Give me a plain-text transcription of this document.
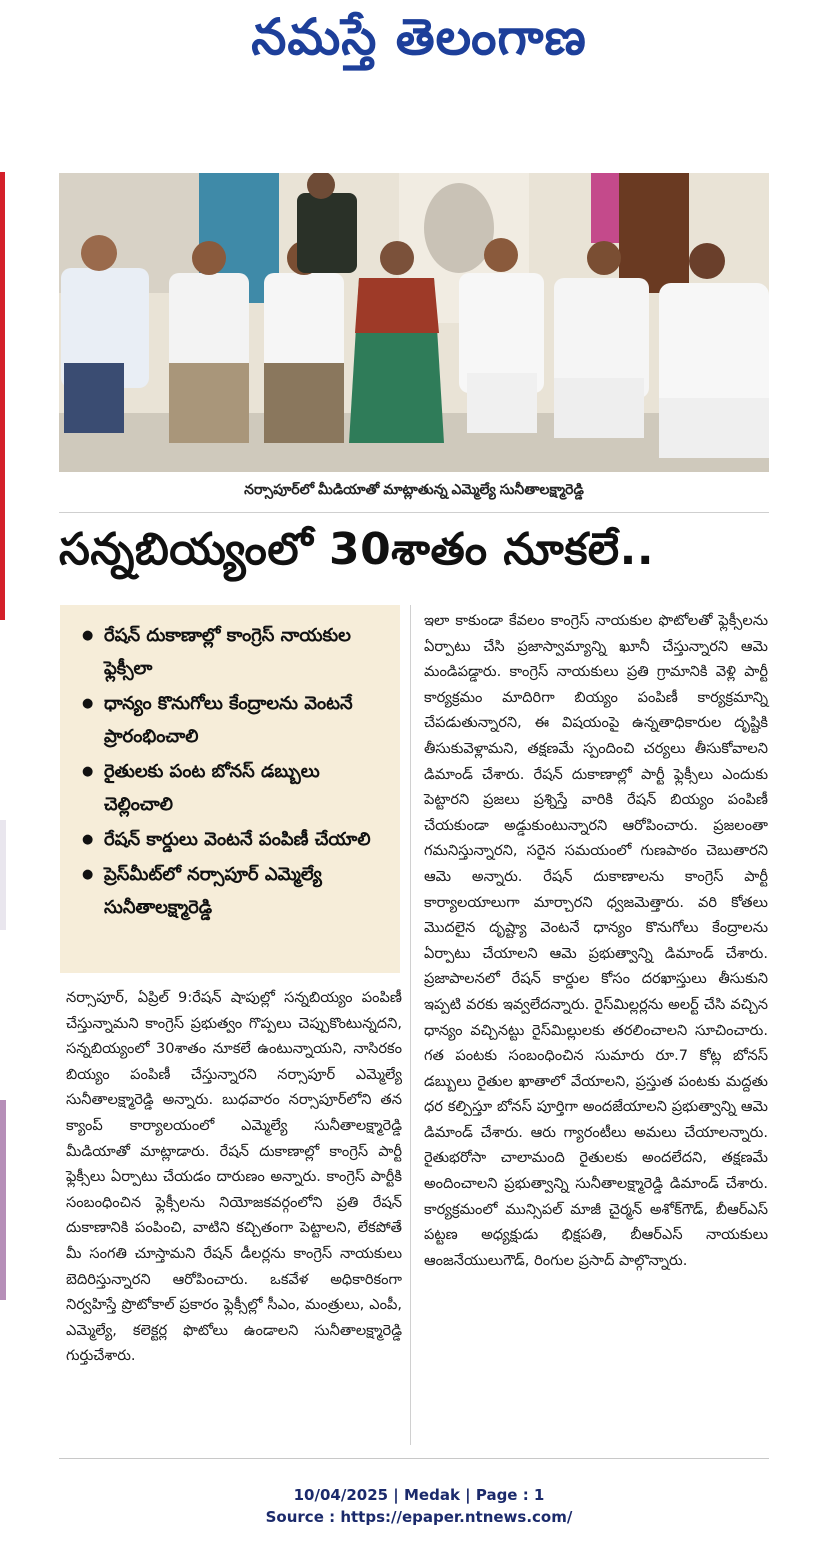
నమస్తే తెలంగాణ
నర్సాపూర్‌లో మీడియాతో మాట్లాతున్న ఎమ్మెల్యే సునీతాలక్ష్మారెడ్డి
సన్నబియ్యంలో 30శాతం నూకలే..
● రేషన్ దుకాణాల్లో కాంగ్రెస్ నాయకుల ఫ్లెక్సీలా
● ధాన్యం కొనుగోలు కేంద్రాలను వెంటనే ప్రారంభించాలి
● రైతులకు పంట బోనస్ డబ్బులు చెల్లించాలి
● రేషన్ కార్డులు వెంటనే పంపిణీ చేయాలి
● ప్రెస్‌మీట్‌లో నర్సాపూర్ ఎమ్మెల్యే సునీతాలక్ష్మారెడ్డి
నర్సాపూర్, ఏప్రిల్ 9:రేషన్ షాపుల్లో సన్నబియ్యం పంపిణీ చేస్తున్నామని కాంగ్రెస్ ప్రభుత్వం గొప్పలు చెప్పుకొంటున్నదని, సన్నబియ్యంలో 30శాతం నూకలే ఉంటున్నాయని, నాసిరకం బియ్యం పంపిణీ చేస్తున్నారని నర్సాపూర్ ఎమ్మెల్యే సునీతాలక్ష్మారెడ్డి అన్నారు. బుధవారం నర్సాపూర్‌లోని తన క్యాంప్ కార్యాలయంలో ఎమ్మెల్యే సునీతాలక్ష్మారెడ్డి మీడియాతో మాట్లాడారు. రేషన్ దుకాణాల్లో కాంగ్రెస్ పార్టీ ఫ్లెక్సీలు ఏర్పాటు చేయడం దారుణం అన్నారు. కాంగ్రెస్ పార్టీకి సంబంధించిన ఫ్లెక్సీలను నియోజకవర్గంలోని ప్రతి రేషన్ దుకాణానికి పంపించి, వాటిని కచ్చితంగా పెట్టాలని, లేకపోతే మీ సంగతి చూస్తామని రేషన్ డీలర్లను కాంగ్రెస్ నాయకులు బెదిరిస్తున్నారని ఆరోపించారు. ఒకవేళ అధికారికంగా నిర్వహిస్తే ప్రొటోకాల్ ప్రకారం ఫ్లెక్సీల్లో సీఎం, మంత్రులు, ఎంపీ, ఎమ్మెల్యే, కలెక్టర్ల ఫొటోలు ఉండాలని సునీతాలక్ష్మారెడ్డి గుర్తుచేశారు.
ఇలా కాకుండా కేవలం కాంగ్రెస్ నాయకుల ఫొటోలతో ఫ్లెక్సీలను ఏర్పాటు చేసి ప్రజాస్వామ్యాన్ని ఖూనీ చేస్తున్నారని ఆమె మండిపడ్డారు. కాంగ్రెస్ నాయకులు ప్రతి గ్రామానికి వెళ్లి పార్టీ కార్యక్రమం మాదిరిగా బియ్యం పంపిణీ కార్యక్రమాన్ని చేపడుతున్నారని, ఈ విషయంపై ఉన్నతాధికారుల దృష్టికి తీసుకువెళ్లామని, తక్షణమే స్పందించి చర్యలు తీసుకోవాలని డిమాండ్ చేశారు. రేషన్ దుకాణాల్లో పార్టీ ఫ్లెక్సీలు ఎందుకు పెట్టారని ప్రజలు ప్రశ్నిస్తే వారికి రేషన్ బియ్యం పంపిణీ చేయకుండా అడ్డుకుంటున్నారని ఆరోపించారు. ప్రజలంతా గమనిస్తున్నారని, సరైన సమయంలో గుణపాఠం చెబుతారని ఆమె అన్నారు. రేషన్ దుకాణాలను కాంగ్రెస్ పార్టీ కార్యాలయాలుగా మార్చారని ధ్వజమెత్తారు. వరి కోతలు మొదలైన దృష్ట్యా వెంటనే ధాన్యం కొనుగోలు కేంద్రాలను ఏర్పాటు చేయాలని ఆమె ప్రభుత్వాన్ని డిమాండ్ చేశారు. ప్రజాపాలనలో రేషన్ కార్డుల కోసం దరఖాస్తులు తీసుకుని ఇప్పటి వరకు ఇవ్వలేదన్నారు. రైస్‌మిల్లర్లను అలర్ట్ చేసి వచ్చిన ధాన్యం వచ్చినట్టు రైస్‌మిల్లులకు తరలించాలని సూచించారు. గత పంటకు సంబంధించిన సుమారు రూ.7 కోట్ల బోనస్ డబ్బులు రైతుల ఖాతాలో వేయాలని, ప్రస్తుత పంటకు మద్దతు ధర కల్పిస్తూ బోనస్ పూర్తిగా అందజేయాలని ప్రభుత్వాన్ని ఆమె డిమాండ్ చేశారు. ఆరు గ్యారంటీలు అమలు చేయాలన్నారు. రైతుభరోసా చాలామంది రైతులకు అందలేదని, తక్షణమే అందించాలని ప్రభుత్వాన్ని సునీతాలక్ష్మారెడ్డి డిమాండ్ చేశారు. కార్యక్రమంలో మున్సిపల్ మాజీ చైర్మన్ అశోక్‌గౌడ్, బీఆర్ఎస్ పట్టణ అధ్యక్షుడు భిక్షపతి, బీఆర్ఎస్ నాయకులు ఆంజనేయులుగౌడ్, రింగుల ప్రసాద్ పాల్గొన్నారు.
10/04/2025 | Medak | Page : 1
Source : https://epaper.ntnews.com/
